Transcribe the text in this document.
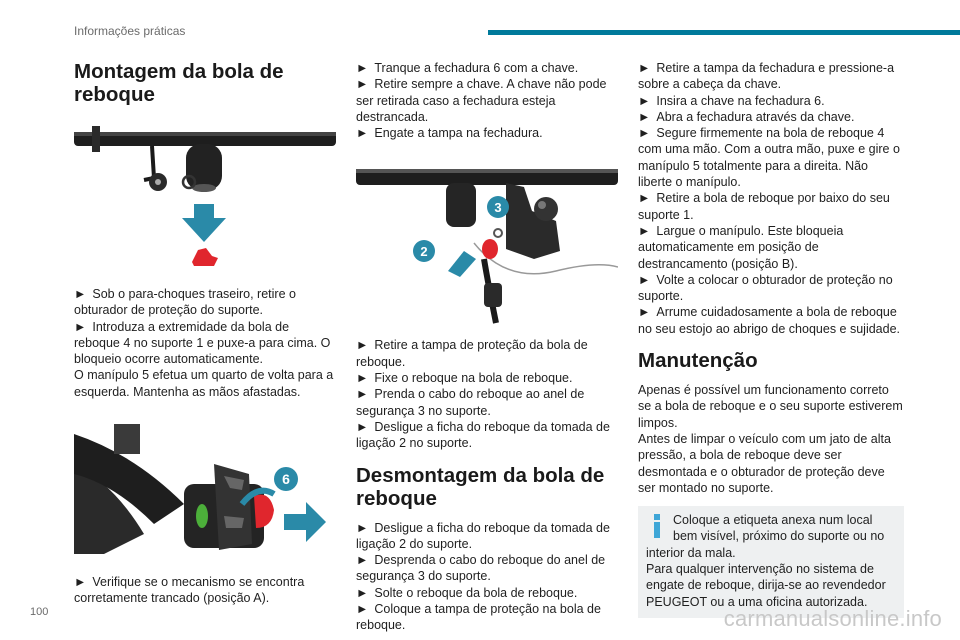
Informações práticas
Montagem da bola de reboque

► Sob o para-choques traseiro, retire o obturador de proteção do suporte.

► Introduza a extremidade da bola de reboque 4 no suporte 1 e puxe-a para cima. O bloqueio ocorre automaticamente.

O manípulo 5 efetua um quarto de volta para a esquerda. Mantenha as mãos afastadas.

6

► Verifique se o mecanismo se encontra corretamente trancado (posição A).

► Tranque a fechadura 6 com a chave.

► Retire sempre a chave. A chave não pode ser retirada caso a fechadura esteja destrancada.

► Engate a tampa na fechadura.

2
3

► Retire a tampa de proteção da bola de reboque.

► Fixe o reboque na bola de reboque.

► Prenda o cabo do reboque ao anel de segurança 3 no suporte.

► Desligue a ficha do reboque da tomada de ligação 2 no suporte.

Desmontagem da bola de reboque

► Desligue a ficha do reboque da tomada de ligação 2 do suporte.

► Desprenda o cabo do reboque do anel de segurança 3 do suporte.

► Solte o reboque da bola de reboque.

► Coloque a tampa de proteção na bola de reboque.

► Retire a tampa da fechadura e pressione-a sobre a cabeça da chave.

► Insira a chave na fechadura 6.

► Abra a fechadura através da chave.

► Segure firmemente na bola de reboque 4 com uma mão. Com a outra mão, puxe e gire o manípulo 5 totalmente para a direita. Não liberte o manípulo.

► Retire a bola de reboque por baixo do seu suporte 1.

► Largue o manípulo. Este bloqueia automaticamente em posição de destrancamento (posição B).

► Volte a colocar o obturador de proteção no suporte.

► Arrume cuidadosamente a bola de reboque no seu estojo ao abrigo de choques e sujidade.

Manutenção

Apenas é possível um funcionamento correto se a bola de reboque e o seu suporte estiverem limpos.

Antes de limpar o veículo com um jato de alta pressão, a bola de reboque deve ser desmontada e o obturador de proteção deve ser montado no suporte.

Coloque a etiqueta anexa num local bem visível, próximo do suporte ou no interior da mala.

Para qualquer intervenção no sistema de engate de reboque, dirija-se ao revendedor PEUGEOT ou a uma oficina autorizada.

100	carmanualsonline.info
